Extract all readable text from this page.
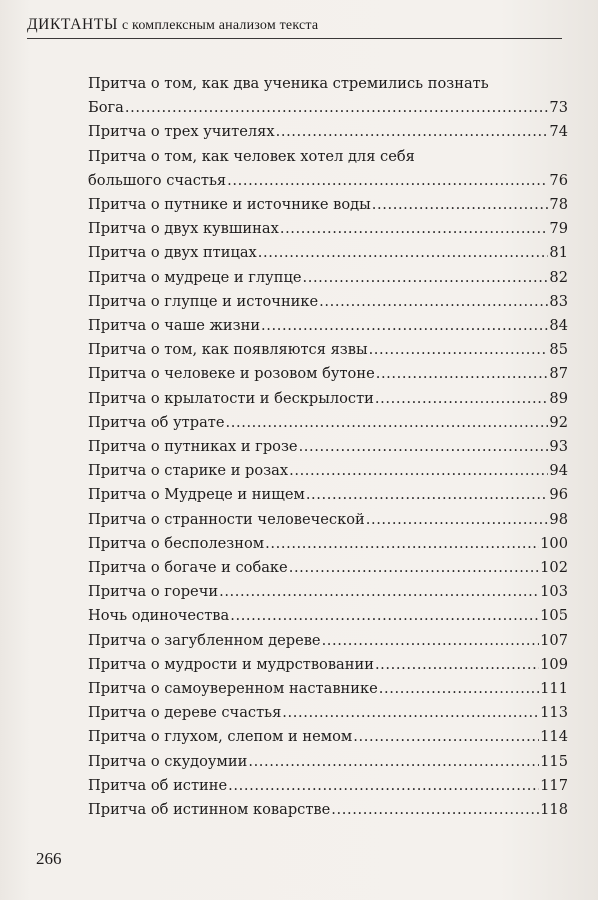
ДИКТАНТЫ с комплексным анализом текста
Притча о том, как два ученика стремились познать
Бога .....	73
Притча о трех учителях .....	74
Притча о том, как человек хотел для себя
большого счастья .....	76
Притча о путнике и источнике воды .....	78
Притча о двух кувшинах .....	79
Притча о двух птицах .....	81
Притча о мудреце и глупце .....	82
Притча о глупце и источнике .....	83
Притча о чаше жизни .....	84
Притча о том, как появляются язвы .....	85
Притча о человеке и розовом бутоне .....	87
Притча о крылатости и бескрылости .....	89
Притча об утрате .....	92
Притча о путниках и грозе .....	93
Притча о старике и розах .....	94
Притча о Мудреце и нищем .....	96
Притча о странности человеческой .....	98
Притча о бесполезном .....	100
Притча о богаче и собаке .....	102
Притча о горечи .....	103
Ночь одиночества .....	105
Притча о загубленном дереве .....	107
Притча о мудрости и мудрствовании .....	109
Притча о самоуверенном наставнике .....	111
Притча о дереве счастья .....	113
Притча о глухом, слепом и немом .....	114
Притча о скудоумии .....	115
Притча об истине .....	117
Притча об истинном коварстве .....	118
266
